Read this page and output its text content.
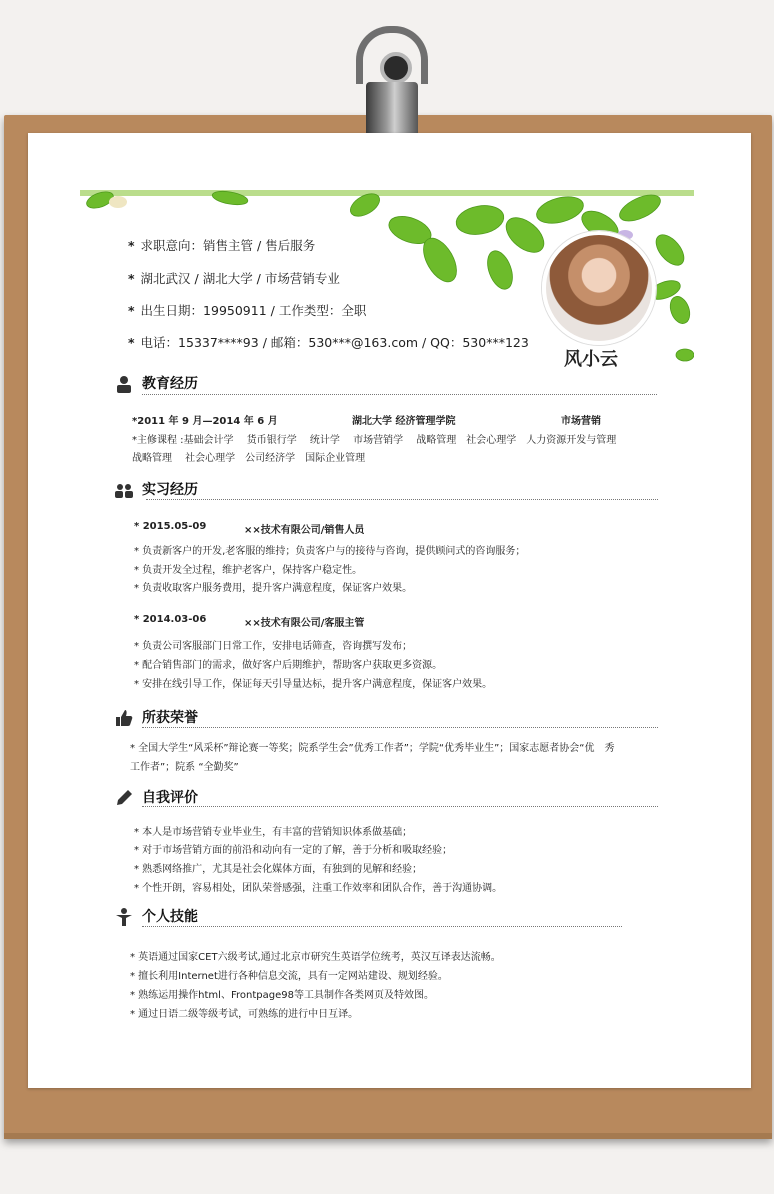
风小云
* 求职意向：销售主管 / 售后服务
* 湖北武汉 / 湖北大学 / 市场营销专业
* 出生日期：19950911 / 工作类型：全职
* 电话：15337****93 / 邮箱：530***@163.com / QQ：530***123
教育经历
*2011 年 9 月—2014 年 6 月	湖北大学 经济管理学院	市场营销
*主修课程 :基础会计学　 货币银行学　 统计学　 市场营销学　 战略管理　社会心理学　人力资源开发与管理
战略管理　 社会心理学　公司经济学　国际企业管理
实习经历
* 2015.05-09	××技术有限公司/销售人员
* 负责新客户的开发,老客服的维持；负责客户与的接待与咨询，提供顾问式的咨询服务；
* 负责开发全过程，维护老客户，保持客户稳定性。
* 负责收取客户服务费用，提升客户满意程度，保证客户效果。
* 2014.03-06	××技术有限公司/客服主管
* 负责公司客服部门日常工作，安排电话筛查，咨询撰写发布；
* 配合销售部门的需求，做好客户后期维护，帮助客户获取更多资源。
* 安排在线引导工作，保证每天引导量达标，提升客户满意程度，保证客户效果。
所获荣誉
* 全国大学生“风采杯”辩论赛一等奖；院系学生会”优秀工作者”；学院“优秀毕业生”；国家志愿者协会“优　秀
工作者”；院系 “全勤奖”
自我评价
* 本人是市场营销专业毕业生，有丰富的营销知识体系做基础；
* 对于市场营销方面的前沿和动向有一定的了解，善于分析和吸取经验；
* 熟悉网络推广，尤其是社会化媒体方面，有独到的见解和经验；
* 个性开朗，容易相处，团队荣誉感强，注重工作效率和团队合作，善于沟通协调。
个人技能
* 英语通过国家CET六级考试,通过北京市研究生英语学位统考，英汉互译表达流畅。
* 擅长利用Internet进行各种信息交流，具有一定网站建设、规划经验。
* 熟练运用操作html、Frontpage98等工具制作各类网页及特效图。
* 通过日语二级等级考试，可熟练的进行中日互译。
